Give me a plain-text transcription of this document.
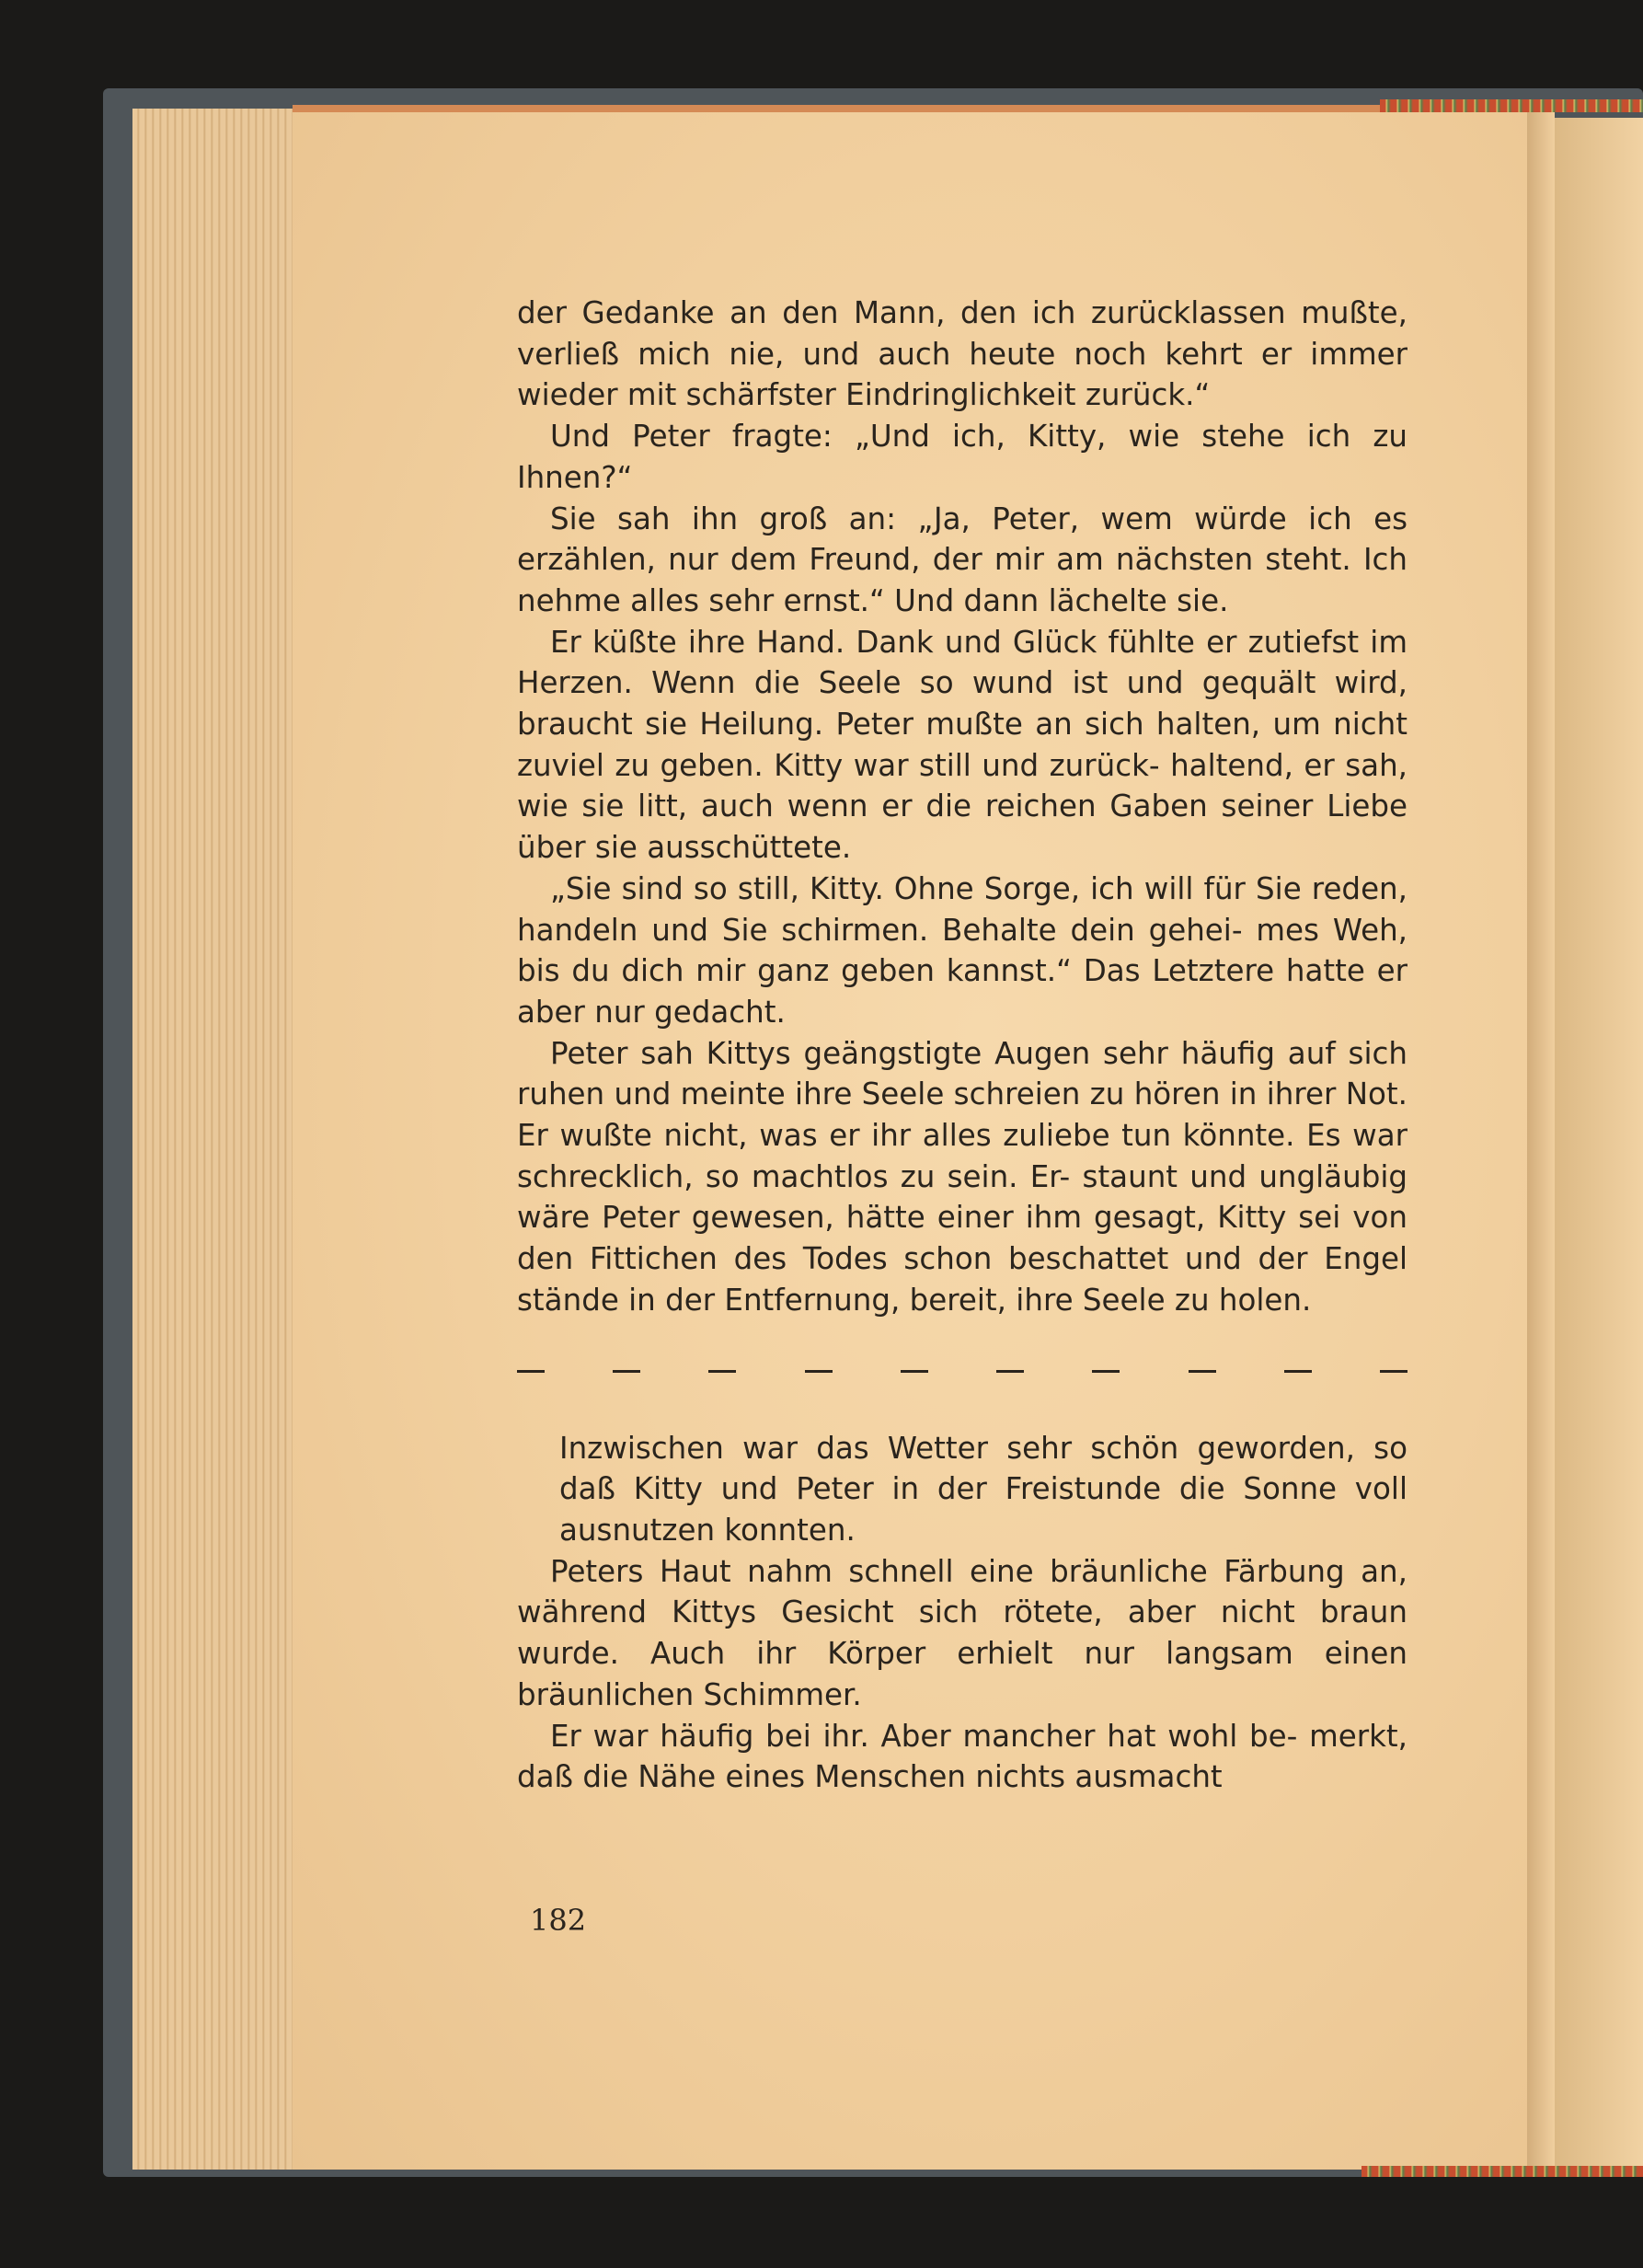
der Gedanke an den Mann, den ich zurücklassen mußte, verließ mich nie, und auch heute noch kehrt er immer wieder mit schärfster Eindringlichkeit zurück.“

Und Peter fragte: „Und ich, Kitty, wie stehe ich zu Ihnen?“

Sie sah ihn groß an: „Ja, Peter, wem würde ich es erzählen, nur dem Freund, der mir am nächsten steht. Ich nehme alles sehr ernst.“ Und dann lächelte sie.

Er küßte ihre Hand. Dank und Glück fühlte er zutiefst im Herzen. Wenn die Seele so wund ist und gequält wird, braucht sie Heilung. Peter mußte an sich halten, um nicht zuviel zu geben. Kitty war still und zurück- haltend, er sah, wie sie litt, auch wenn er die reichen Gaben seiner Liebe über sie ausschüttete.

„Sie sind so still, Kitty. Ohne Sorge, ich will für Sie reden, handeln und Sie schirmen. Behalte dein gehei- mes Weh, bis du dich mir ganz geben kannst.“ Das Letztere hatte er aber nur gedacht.

Peter sah Kittys geängstigte Augen sehr häufig auf sich ruhen und meinte ihre Seele schreien zu hören in ihrer Not. Er wußte nicht, was er ihr alles zuliebe tun könnte. Es war schrecklich, so machtlos zu sein. Er- staunt und ungläubig wäre Peter gewesen, hätte einer ihm gesagt, Kitty sei von den Fittichen des Todes schon beschattet und der Engel stände in der Entfernung, bereit, ihre Seele zu holen.

Inzwischen war das Wetter sehr schön geworden, so daß Kitty und Peter in der Freistunde die Sonne voll ausnutzen konnten.

Peters Haut nahm schnell eine bräunliche Färbung an, während Kittys Gesicht sich rötete, aber nicht braun wurde. Auch ihr Körper erhielt nur langsam einen bräunlichen Schimmer.

Er war häufig bei ihr. Aber mancher hat wohl be- merkt, daß die Nähe eines Menschen nichts ausmacht

182
